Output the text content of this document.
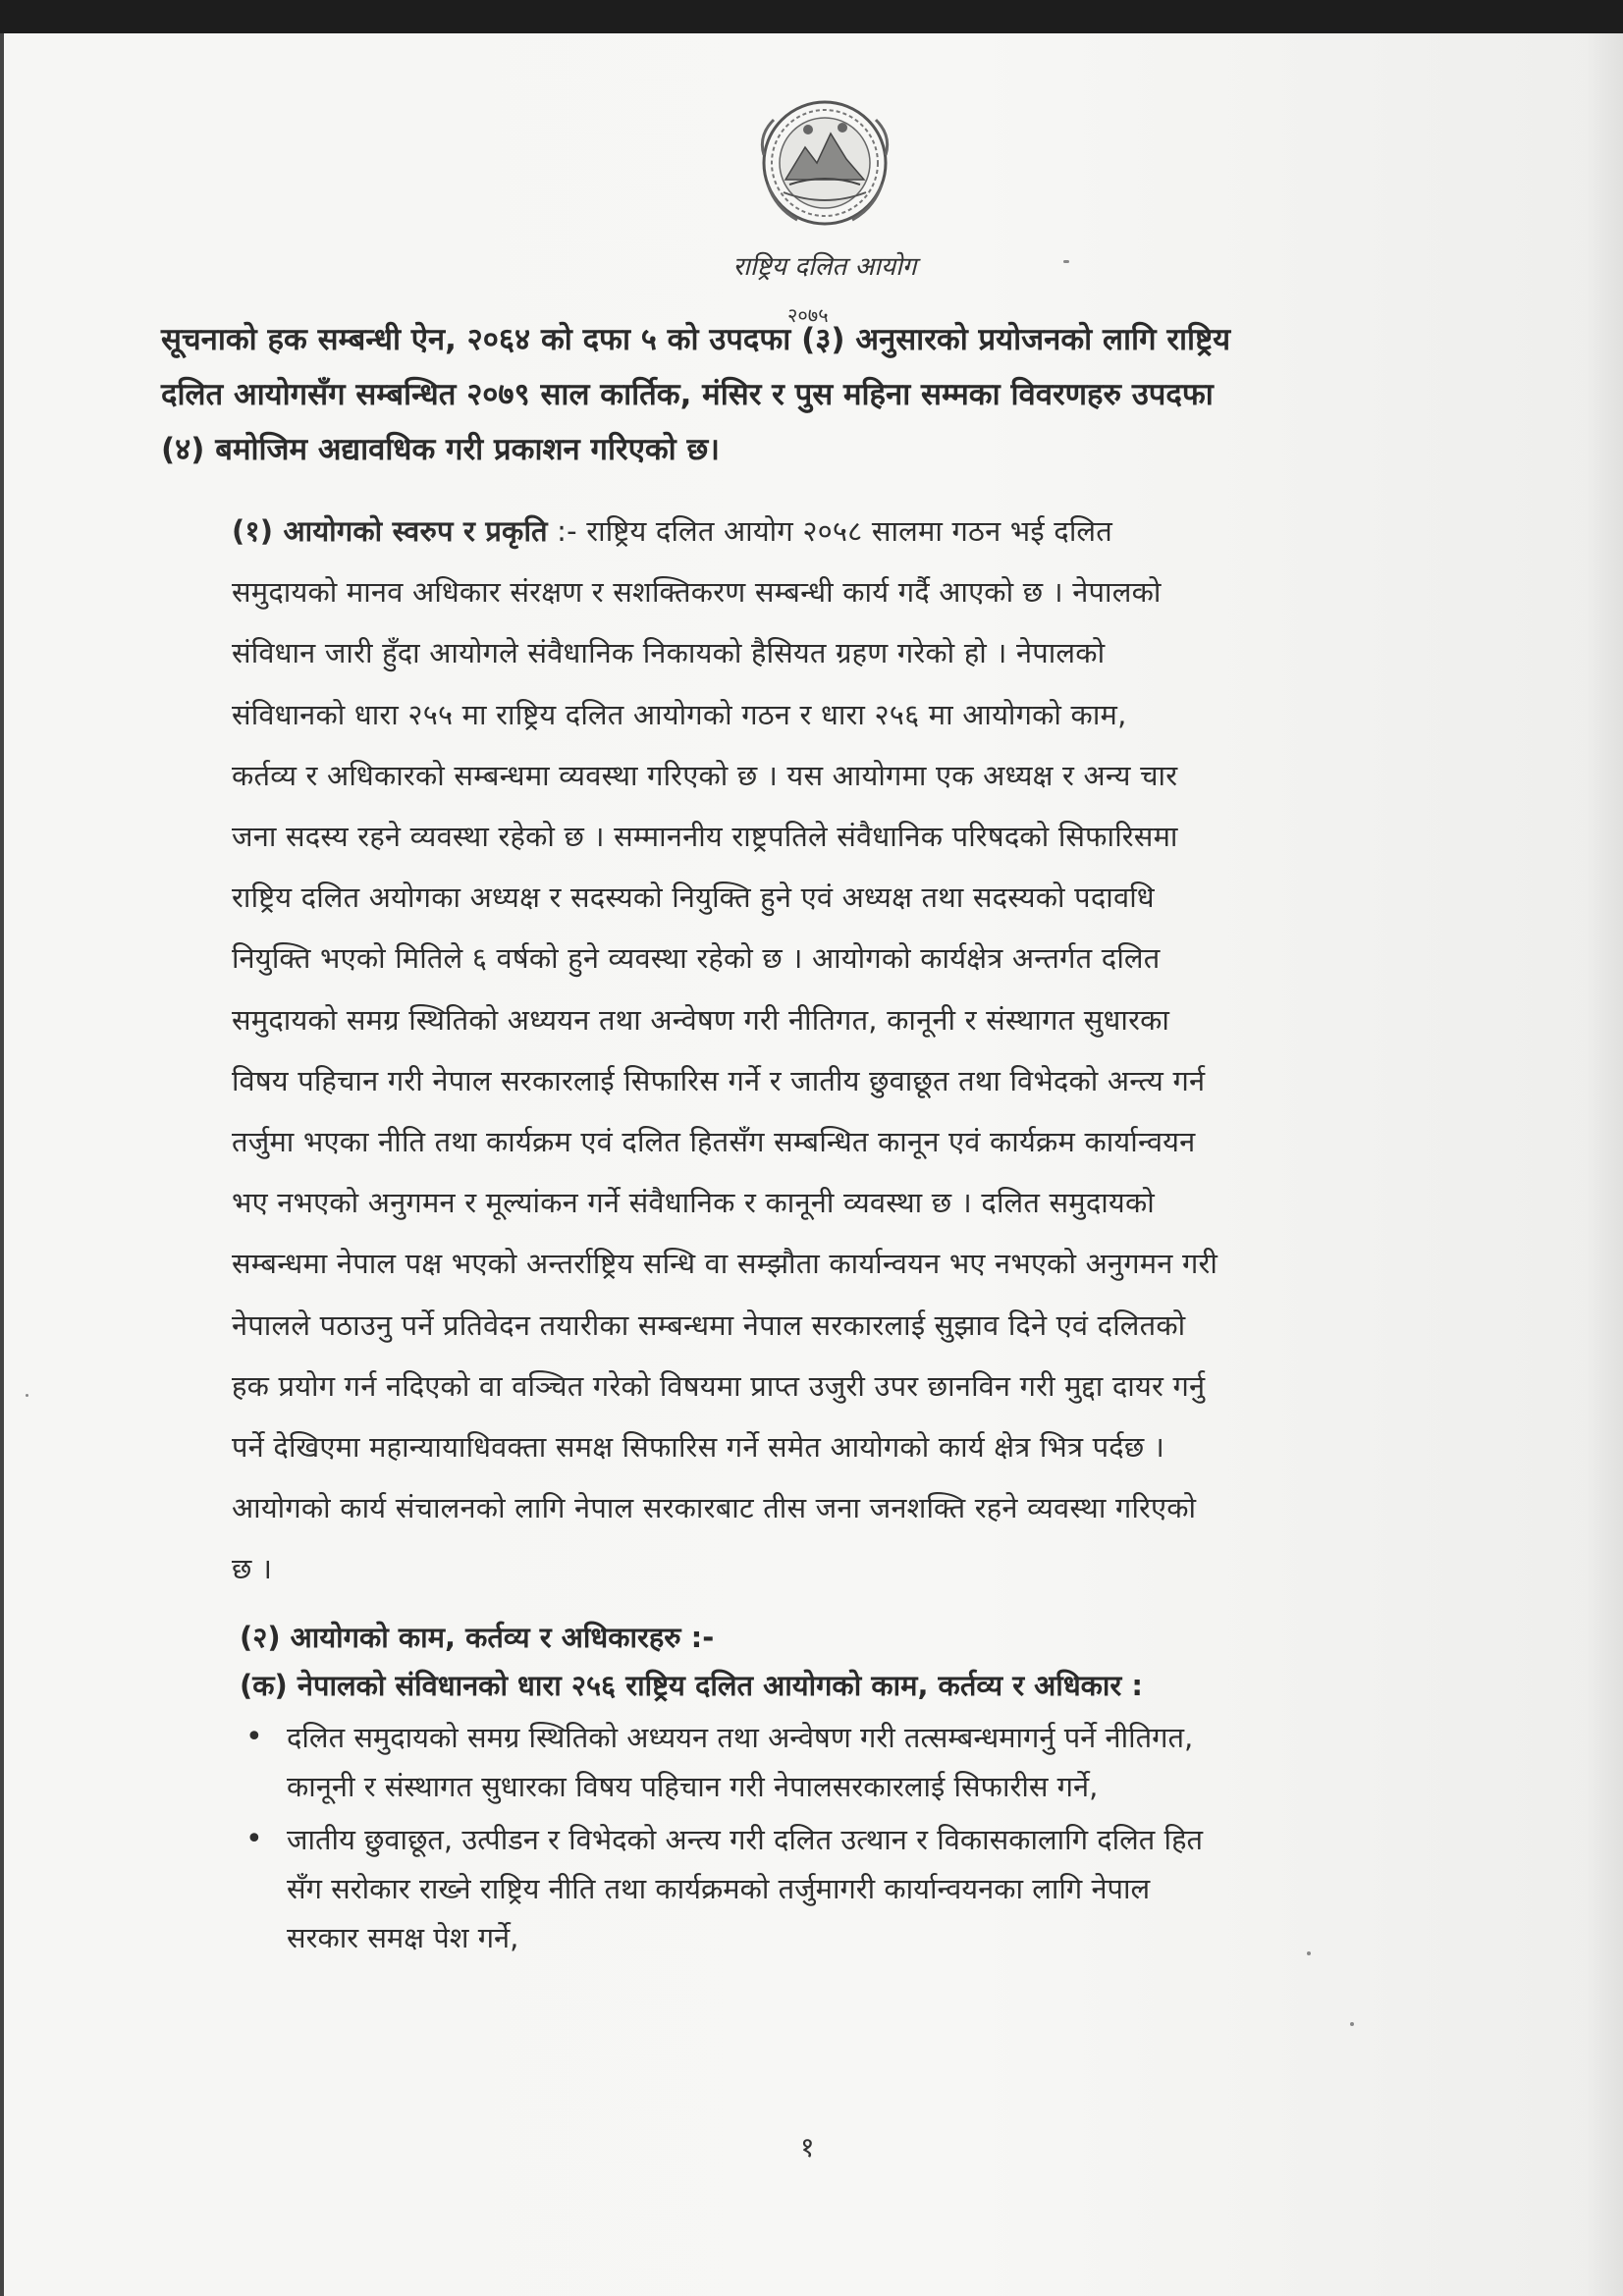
राष्ट्रिय दलित आयोग
२०७५
सूचनाको हक सम्बन्धी ऐन, २०६४ को दफा ५ को उपदफा (३) अनुसारको प्रयोजनको लागि राष्ट्रिय
दलित आयोगसँग सम्बन्धित २०७९ साल कार्तिक, मंसिर र पुस महिना सम्मका विवरणहरु उपदफा
(४) बमोजिम अद्यावधिक गरी प्रकाशन गरिएको छ।
(१) आयोगको स्वरुप र प्रकृति :- राष्ट्रिय दलित आयोग २०५८ सालमा गठन भई दलित
समुदायको मानव अधिकार संरक्षण र सशक्तिकरण सम्बन्धी कार्य गर्दै आएको छ । नेपालको
संविधान जारी हुँदा आयोगले संवैधानिक निकायको हैसियत ग्रहण गरेको हो । नेपालको
संविधानको धारा २५५ मा राष्ट्रिय दलित आयोगको गठन र धारा २५६ मा आयोगको काम,
कर्तव्य र अधिकारको सम्बन्धमा व्यवस्था गरिएको छ । यस आयोगमा एक अध्यक्ष र अन्य चार
जना सदस्य रहने व्यवस्था रहेको छ । सम्माननीय राष्ट्रपतिले संवैधानिक परिषदको सिफारिसमा
राष्ट्रिय दलित अयोगका अध्यक्ष र सदस्यको नियुक्ति हुने एवं अध्यक्ष तथा सदस्यको पदावधि
नियुक्ति भएको मितिले ६ वर्षको हुने व्यवस्था रहेको छ । आयोगको कार्यक्षेत्र अन्तर्गत दलित
समुदायको समग्र स्थितिको अध्ययन तथा अन्वेषण गरी नीतिगत, कानूनी र संस्थागत सुधारका
विषय पहिचान गरी नेपाल सरकारलाई सिफारिस गर्ने र जातीय छुवाछूत तथा विभेदको अन्त्य गर्न
तर्जुमा भएका नीति तथा कार्यक्रम एवं दलित हितसँग सम्बन्धित कानून एवं कार्यक्रम कार्यान्वयन
भए नभएको अनुगमन र मूल्यांकन गर्ने संवैधानिक र कानूनी व्यवस्था छ । दलित समुदायको
सम्बन्धमा नेपाल पक्ष भएको अन्तर्राष्ट्रिय सन्धि वा सम्झौता कार्यान्वयन भए नभएको अनुगमन गरी
नेपालले पठाउनु पर्ने प्रतिवेदन तयारीका सम्बन्धमा नेपाल सरकारलाई सुझाव दिने एवं दलितको
हक प्रयोग गर्न नदिएको वा वञ्चित गरेको विषयमा प्राप्त उजुरी उपर छानविन गरी मुद्दा दायर गर्नु
पर्ने देखिएमा महान्यायाधिवक्ता समक्ष सिफारिस गर्ने समेत आयोगको कार्य क्षेत्र भित्र पर्दछ ।
आयोगको कार्य संचालनको लागि नेपाल सरकारबाट तीस जना जनशक्ति रहने व्यवस्था गरिएको
छ ।
(२) आयोगको काम, कर्तव्य र अधिकारहरु :-
(क) नेपालको संविधानको धारा २५६ राष्ट्रिय दलित आयोगको काम, कर्तव्य र अधिकार :
• दलित समुदायको समग्र स्थितिको अध्ययन तथा अन्वेषण गरी तत्सम्बन्धमागर्नु पर्ने नीतिगत,
कानूनी र संस्थागत सुधारका विषय पहिचान गरी नेपालसरकारलाई सिफारीस गर्ने,
• जातीय छुवाछूत, उत्पीडन र विभेदको अन्त्य गरी दलित उत्थान र विकासकालागि दलित हित
सँग सरोकार राख्ने राष्ट्रिय नीति तथा कार्यक्रमको तर्जुमागरी कार्यान्वयनका लागि नेपाल
सरकार समक्ष पेश गर्ने,
१
